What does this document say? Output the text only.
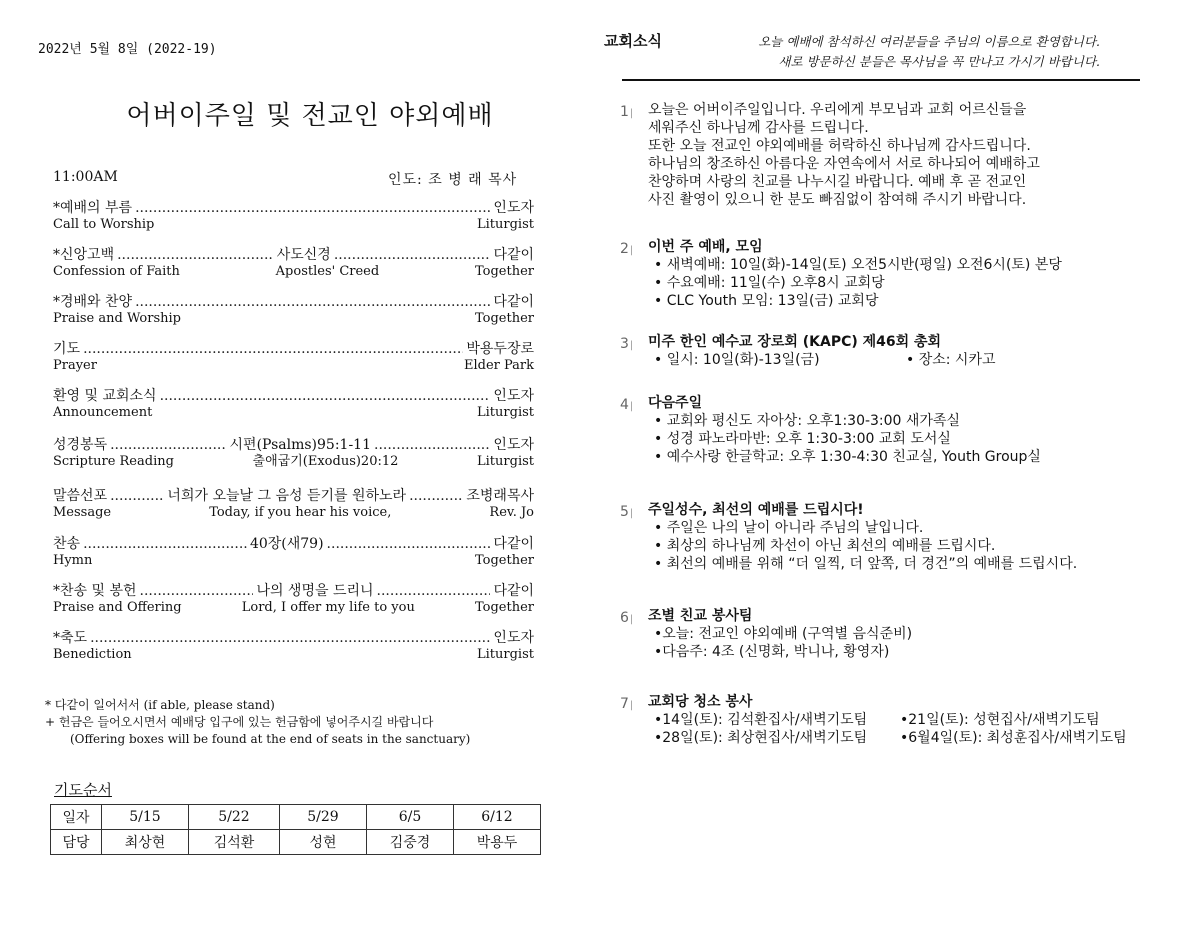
2022년 5월 8일 (2022-19)
어버이주일 및 전교인 야외예배
11:00AM	인도: 조 병 래 목사
*예배의 부름 .....	인도자
Call to Worship	Liturgist
*신앙고백 .....	사도신경 .....	다같이
Confession of Faith	Apostles' Creed	Together
*경배와 찬양 .....	다같이
Praise and Worship	Together
기도 .....	박용두장로
Prayer	Elder Park
환영 및 교회소식 .....	인도자
Announcement	Liturgist
성경봉독 .....	시편(Psalms)95:1-11 .....	인도자
Scripture Reading	출애굽기(Exodus)20:12	Liturgist
말씀선포 .....	너희가 오늘날 그 음성 듣기를 원하노라 .....	조병래목사
Message	Today, if you hear his voice,	Rev. Jo
찬송 .....	40장(새79) .....	다같이
Hymn	Together
*찬송 및 봉헌 .....	나의 생명을 드리니 .....	다같이
Praise and Offering	Lord, I offer my life to you	Together
*축도 .....	인도자
Benediction	Liturgist
* 다같이 일어서서 (if able, please stand)
+ 헌금은 들어오시면서 예배당 입구에 있는 헌금함에 넣어주시길 바랍니다
(Offering boxes will be found at the end of seats in the sanctuary)
기도순서
일자	5/15	5/22	5/29	6/5	6/12
담당	최상현	김석환	성현	김중경	박용두
교회소식	오늘 예배에 참석하신 여러분들을 주님의 이름으로 환영합니다.
새로 방문하신 분들은 목사님을 꼭 만나고 가시기 바랍니다.
1 |	오늘은 어버이주일입니다. 우리에게 부모님과 교회 어르신들을
세워주신 하나님께 감사를 드립니다.
또한 오늘 전교인 야외예배를 허락하신 하나님께 감사드립니다.
하나님의 창조하신 아름다운 자연속에서 서로 하나되어 예배하고
찬양하며 사랑의 친교를 나누시길 바랍니다. 예배 후 곧 전교인
사진 촬영이 있으니 한 분도 빠짐없이 참여해 주시기 바랍니다.
2 |	이번 주 예배, 모임
• 새벽예배: 10일(화)-14일(토) 오전5시반(평일) 오전6시(토) 본당
• 수요예배: 11일(수) 오후8시 교회당
• CLC Youth 모임: 13일(금) 교회당
3 |	미주 한인 예수교 장로회 (KAPC) 제46회 총회
• 일시: 10일(화)-13일(금)	• 장소: 시카고
4 |	다음주일
• 교회와 평신도 자아상: 오후1:30-3:00 새가족실
• 성경 파노라마반: 오후 1:30-3:00 교회 도서실
• 예수사랑 한글학교: 오후 1:30-4:30 친교실, Youth Group실
5 |	주일성수, 최선의 예배를 드립시다!
• 주일은 나의 날이 아니라 주님의 날입니다.
• 최상의 하나님께 차선이 아닌 최선의 예배를 드립시다.
• 최선의 예배를 위해 “더 일찍, 더 앞쪽, 더 경건”의 예배를 드립시다.
6 |	조별 친교 봉사팀
•오늘: 전교인 야외예배 (구역별 음식준비)
•다음주: 4조 (신명화, 박니나, 황영자)
7 |	교회당 청소 봉사
•14일(토): 김석환집사/새벽기도팀	•21일(토): 성현집사/새벽기도팀
•28일(토): 최상현집사/새벽기도팀	•6월4일(토): 최성훈집사/새벽기도팀
